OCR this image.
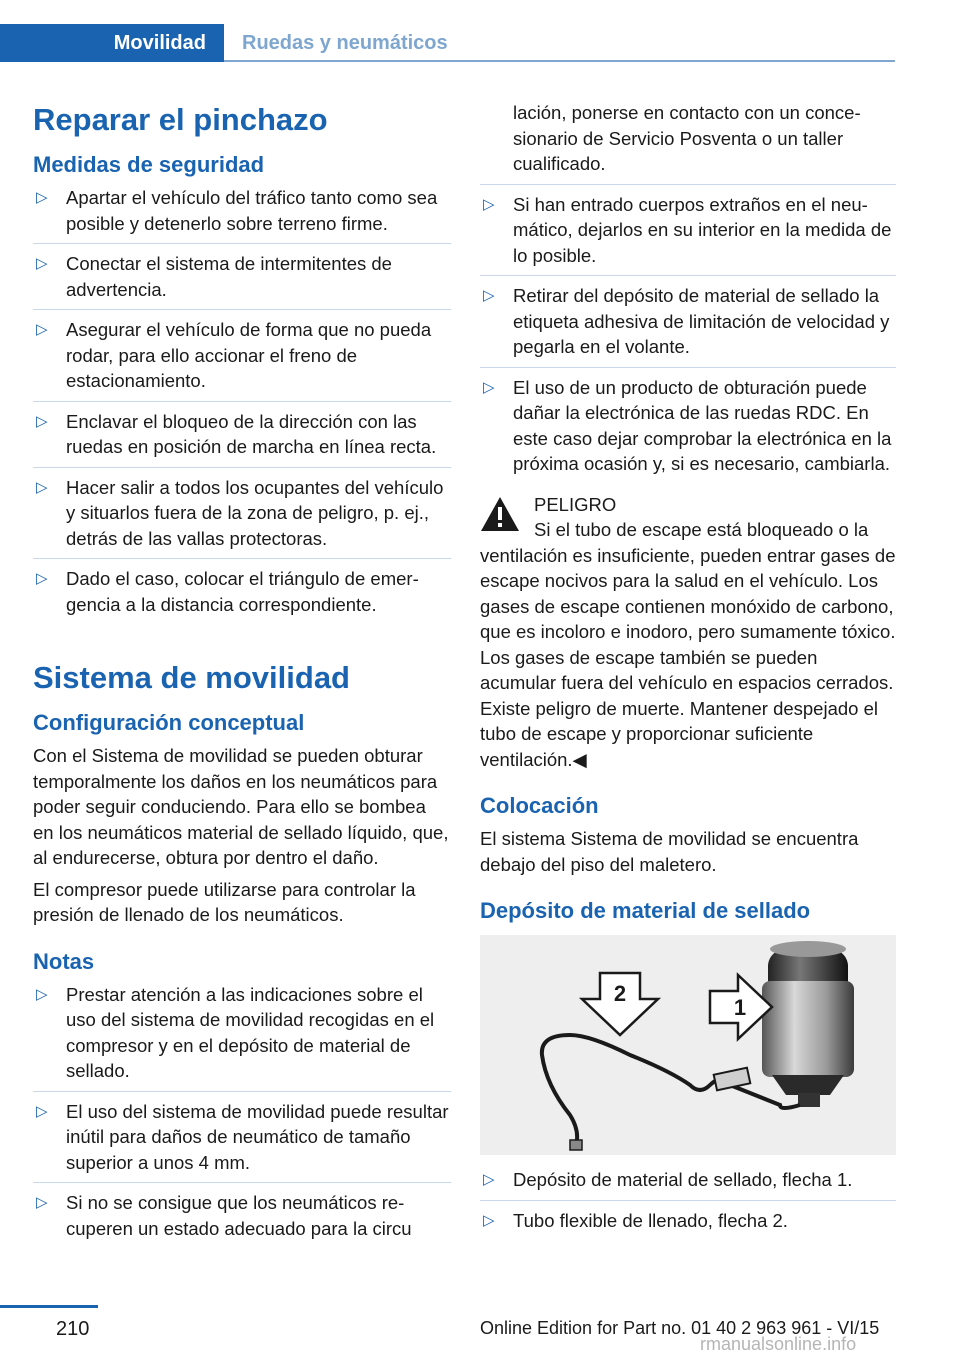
Movilidad	Ruedas y neumáticos
Reparar el pinchazo
Medidas de seguridad
▷ Apartar el vehículo del tráfico tanto como sea posible y detenerlo sobre terreno firme.
▷ Conectar el sistema de intermitentes de advertencia.
▷ Asegurar el vehículo de forma que no pueda rodar, para ello accionar el freno de estacionamiento.
▷ Enclavar el bloqueo de la dirección con las ruedas en posición de marcha en línea recta.
▷ Hacer salir a todos los ocupantes del vehículo y situarlos fuera de la zona de peligro, p. ej., detrás de las vallas protectoras.
▷ Dado el caso, colocar el triángulo de emergencia a la distancia correspondiente.
Sistema de movilidad
Configuración conceptual

Con el Sistema de movilidad se pueden obturar temporalmente los daños en los neumáticos para poder seguir conduciendo. Para ello se bombea en los neumáticos material de sellado líquido, que, al endurecerse, obtura por dentro el daño.

El compresor puede utilizarse para controlar la presión de llenado de los neumáticos.

Notas
▷ Prestar atención a las indicaciones sobre el uso del sistema de movilidad recogidas en el compresor y en el depósito de material de sellado.
▷ El uso del sistema de movilidad puede resultar inútil para daños de neumático de tamaño superior a unos 4 mm.
▷ Si no se consigue que los neumáticos recuperen un estado adecuado para la circu
lación, ponerse en contacto con un concesionario de Servicio Posventa o un taller cualificado.
▷ Si han entrado cuerpos extraños en el neumático, dejarlos en su interior en la medida de lo posible.
▷ Retirar del depósito de material de sellado la etiqueta adhesiva de limitación de velocidad y pegarla en el volante.
▷ El uso de un producto de obturación puede dañar la electrónica de las ruedas RDC. En este caso dejar comprobar la electrónica en la próxima ocasión y, si es necesario, cambiarla.
PELIGRO
Si el tubo de escape está bloqueado o la ventilación es insuficiente, pueden entrar gases de escape nocivos para la salud en el vehículo. Los gases de escape contienen monóxido de carbono, que es incoloro e inodoro, pero sumamente tóxico. Los gases de escape también se pueden acumular fuera del vehículo en espacios cerrados. Existe peligro de muerte. Mantener despejado el tubo de escape y proporcionar suficiente ventilación.◀
Colocación

El sistema Sistema de movilidad se encuentra debajo del piso del maletero.

Depósito de material de sellado
2
1
▷ Depósito de material de sellado, flecha 1.
▷ Tubo flexible de llenado, flecha 2.
210	Online Edition for Part no. 01 40 2 963 961 - VI/15
rmanualsonline.info
